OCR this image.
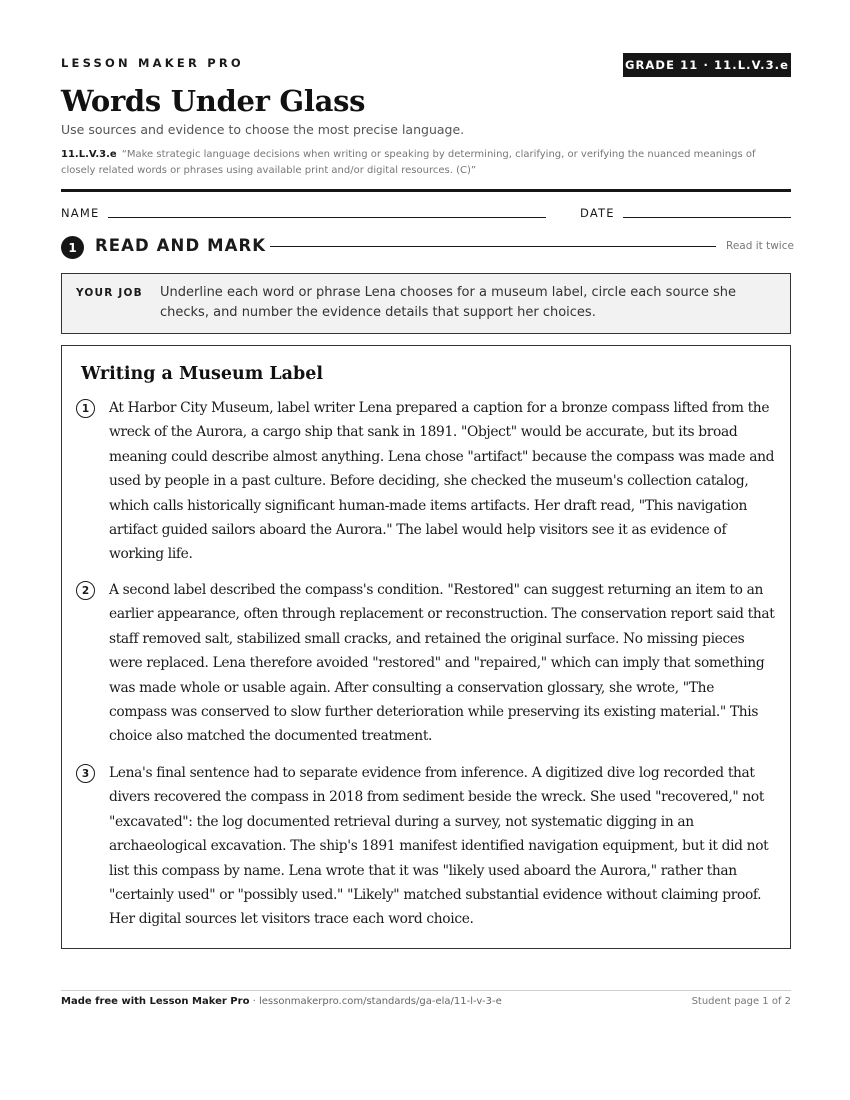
LESSON MAKER PRO	GRADE 11 · 11.L.V.3.e
Words Under Glass
Use sources and evidence to choose the most precise language.
11.L.V.3.e “Make strategic language decisions when writing or speaking by determining, clarifying, or verifying the nuanced meanings of closely related words or phrases using available print and/or digital resources. (C)”
NAME	DATE
1	READ AND MARK	Read it twice
YOUR JOB Underline each word or phrase Lena chooses for a museum label, circle each source she checks, and number the evidence details that support her choices.
Writing a Museum Label
1	At Harbor City Museum, label writer Lena prepared a caption for a bronze compass lifted from the wreck of the Aurora, a cargo ship that sank in 1891. "Object" would be accurate, but its broad meaning could describe almost anything. Lena chose "artifact" because the compass was made and used by people in a past culture. Before deciding, she checked the museum's collection catalog, which calls historically significant human-made items artifacts. Her draft read, "This navigation artifact guided sailors aboard the Aurora." The label would help visitors see it as evidence of working life.
2	A second label described the compass's condition. "Restored" can suggest returning an item to an earlier appearance, often through replacement or reconstruction. The conservation report said that staff removed salt, stabilized small cracks, and retained the original surface. No missing pieces were replaced. Lena therefore avoided "restored" and "repaired," which can imply that something was made whole or usable again. After consulting a conservation glossary, she wrote, "The compass was conserved to slow further deterioration while preserving its existing material." This choice also matched the documented treatment.
3	Lena's final sentence had to separate evidence from inference. A digitized dive log recorded that divers recovered the compass in 2018 from sediment beside the wreck. She used "recovered," not "excavated": the log documented retrieval during a survey, not systematic digging in an archaeological excavation. The ship's 1891 manifest identified navigation equipment, but it did not list this compass by name. Lena wrote that it was "likely used aboard the Aurora," rather than "certainly used" or "possibly used." "Likely" matched substantial evidence without claiming proof. Her digital sources let visitors trace each word choice.
Made free with Lesson Maker Pro · lessonmakerpro.com/standards/ga-ela/11-l-v-3-e	Student page 1 of 2
